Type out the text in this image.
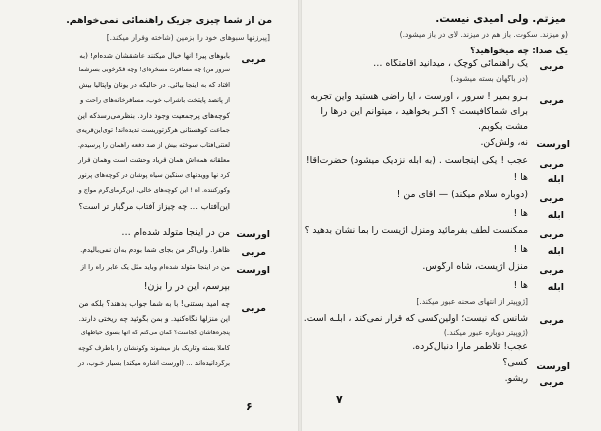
من از شما چیزی جزیک راهنمائی نمی‌خواهم.
[پیرزنها سبوهای خود را بزمین (شاخته وفرار میکند.]
مربی
بابوهای پیر! آنها خیال میکنند عاشقشان شده‌ام! (به
سرور من) چه مسافرت مسخره‌ای! وچه فکرخوبی بسرشما
افتاد که به اینجا بیائی. در حالیکه در یونان واپتالیا بیش
از پانصد پایتخت باشراب خوب، مسافرخانه‌های راحت و
کوچه‌های پرجمعیت وجود دارد. بنظرمی‌رسدکه این
جماعت کوهستانی هرگزتوریست ندیده‌اند! توی‌این‌قریه‌ی
لعنتی‌آفتاب سوخته بیش از صد دفعه راهمان را پرسیدم.
معلقانه همه‌اش همان فریاد وحشت است وهمان فرار
کرد نها وویدنهای سنگین سیاه پوشان در کوچه‌های پرنور
وکورکننده. آه ! این کوچه‌های خالی، این‌گرمای‌گرم مواج و
این‌آفتاب … چه چیزاز آفتاب مرگبار تر است؟
اورست
من در اینجا متولد شده‌ام …
مربی
ظاهراً. ولی‌اگر من بجای شما بودم به‌آن نمی‌بالیدم.
اورست
من در اینجا متولد شده‌ام وباید مثل یک عابر راه را از
بپرسم، این در را بزن!
مربی
چه امید بستنی! با به شما جواب بدهند؟ بلکه من
این منزلها نگاه‌کنید. و بمن بگوئید چه ریختی دارند.
پنجره‌هاشان کجاست؟ گمان می‌کنم که آنها بسوی حیاطهای
کاملا بسته وتاریک باز میشوند وکونشان را باطرف کوچه
برگردانیده‌اند … (اورست اشاره میکند) بسیار خـوب، در
۶
میزتم. ولی امیدی نیست.
(و میزند. سکوت. باز هم در میزند. لای در باز میشود.)
یک صدا: چه میخواهید؟
مربی
یک راهنمائی کوچک ، میدانید اقامتگاه …
(در باگهان بسته میشود.)
مربی
بـرو بمیر ! سرور ، اورست ، آیا راضی هستید واین تجربه
برای شما‌کافیست ؟ اگـر بخواهید ، میتوانم این درها را
مشت بکوبم.
اورست
نه، ولش‌کن.
مربی
عجب ! یکی اینجاست . (به ابله نزدیک میشود) حضرت‌آقا!
ابله
ها !
مربی
(دوباره سلام میکند) — آقای من !
ابله
ها !
مربی
ممکنست لطف بفرمائید ومنزل اژیست را بما نشان بدهید ؟
ابله
ها !
مربی
منزل اژیست، شاه آرگوس.
ابله
ها !
[ژوپیتر از انتهای صحنه عبور میکند.]
مربی
شانس که نیست؛ اولین‌کسی که قرار نمی‌کند ، ابلـه است.
(ژوپیتر دوباره عبور میکند.)
عجب! تلاطمر مارا دنبال‌کرده.
اورست
کسی؟
مربی
ریشو.
۷
